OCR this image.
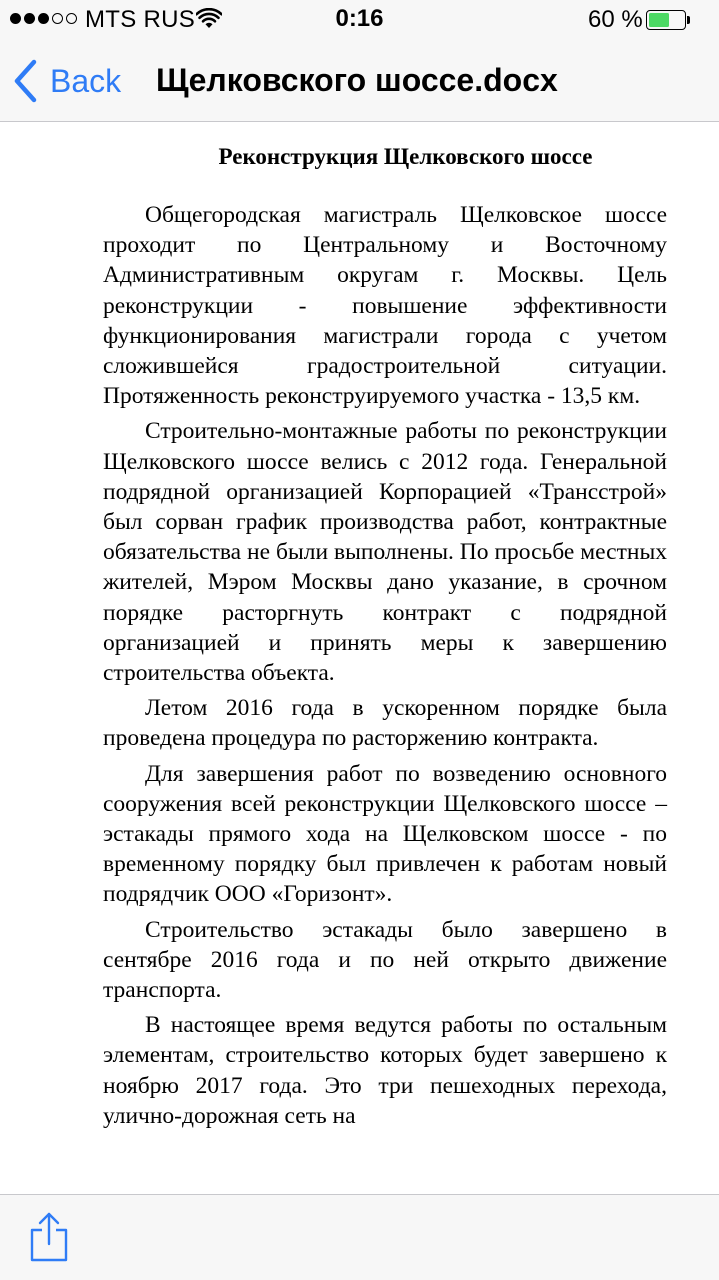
MTS RUS	0:16	60 %
Back Щелковского шоссе.docx
Реконструкция Щелковского шоссе

Общегородская магистраль Щелковское шоссе проходит по Центральному и Восточному Административным округам г. Москвы. Цель реконструкции - повышение эффективности функционирования магистрали города с учетом сложившейся градостроительной ситуации. Протяженность реконструируемого участка - 13,5 км.

Строительно-монтажные работы по реконструкции Щелковского шоссе велись с 2012 года. Генеральной подрядной организацией Корпорацией «Трансстрой» был сорван график производства работ, контрактные обязательства не были выполнены. По просьбе местных жителей, Мэром Москвы дано указание, в срочном порядке расторгнуть контракт с подрядной организацией и принять меры к завершению строительства объекта.

Летом 2016 года в ускоренном порядке была проведена процедура по расторжению контракта.

Для завершения работ по возведению основного сооружения всей реконструкции Щелковского шоссе – эстакады прямого хода на Щелковском шоссе - по временному порядку был привлечен к работам новый подрядчик ООО «Горизонт».

Строительство эстакады было завершено в сентябре 2016 года и по ней открыто движение транспорта.

В настоящее время ведутся работы по остальным элементам, строительство которых будет завершено к ноябрю 2017 года. Это три пешеходных перехода, улично-дорожная сеть на
